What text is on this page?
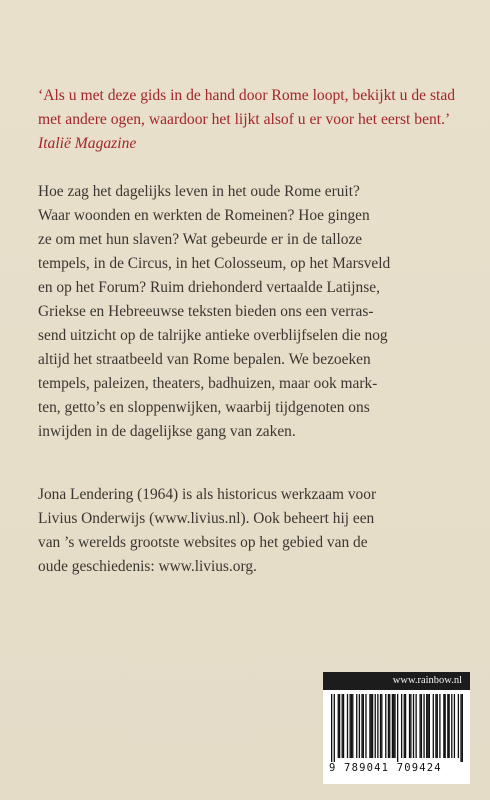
‘Als u met deze gids in de hand door Rome loopt, bekijkt u de stad met andere ogen, waardoor het lijkt alsof u er voor het eerst bent.’ Italië Magazine

Hoe zag het dagelijks leven in het oude Rome eruit?
Waar woonden en werkten de Romeinen? Hoe gingen
ze om met hun slaven? Wat gebeurde er in de talloze
tempels, in de Circus, in het Colosseum, op het Marsveld
en op het Forum? Ruim driehonderd vertaalde Latijnse,
Griekse en Hebreeuwse teksten bieden ons een verras-
send uitzicht op de talrijke antieke overblijfselen die nog
altijd het straatbeeld van Rome bepalen. We bezoeken
tempels, paleizen, theaters, badhuizen, maar ook mark-
ten, getto’s en sloppenwijken, waarbij tijdgenoten ons
inwijden in de dagelijkse gang van zaken.

Jona Lendering (1964) is als historicus werkzaam voor
Livius Onderwijs (www.livius.nl). Ook beheert hij een
van ’s werelds grootste websites op het gebied van de
oude geschiedenis: www.livius.org.

www.rainbow.nl
9 789041 709424
